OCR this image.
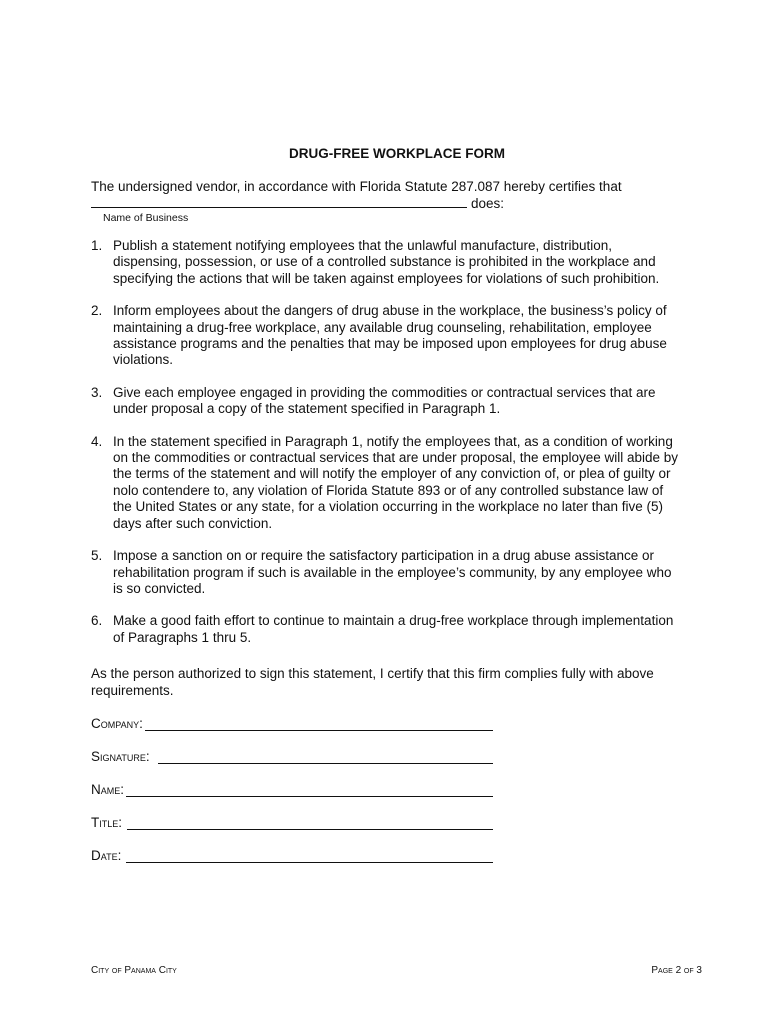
DRUG-FREE WORKPLACE FORM
The undersigned vendor, in accordance with Florida Statute 287.087 hereby certifies that
does:
Name of Business
1. Publish a statement notifying employees that the unlawful manufacture, distribution, dispensing, possession, or use of a controlled substance is prohibited in the workplace and specifying the actions that will be taken against employees for violations of such prohibition.
2. Inform employees about the dangers of drug abuse in the workplace, the business’s policy of maintaining a drug-free workplace, any available drug counseling, rehabilitation, employee assistance programs and the penalties that may be imposed upon employees for drug abuse violations.
3. Give each employee engaged in providing the commodities or contractual services that are under proposal a copy of the statement specified in Paragraph 1.
4. In the statement specified in Paragraph 1, notify the employees that, as a condition of working on the commodities or contractual services that are under proposal, the employee will abide by the terms of the statement and will notify the employer of any conviction of, or plea of guilty or nolo contendere to, any violation of Florida Statute 893 or of any controlled substance law of the United States or any state, for a violation occurring in the workplace no later than five (5) days after such conviction.
5. Impose a sanction on or require the satisfactory participation in a drug abuse assistance or rehabilitation program if such is available in the employee’s community, by any employee who is so convicted.
6. Make a good faith effort to continue to maintain a drug-free workplace through implementation of Paragraphs 1 thru 5.
As the person authorized to sign this statement, I certify that this firm complies fully with above requirements.
Company:
Signature:
Name:
Title:
Date:
City of Panama City	Page 2 of 3
